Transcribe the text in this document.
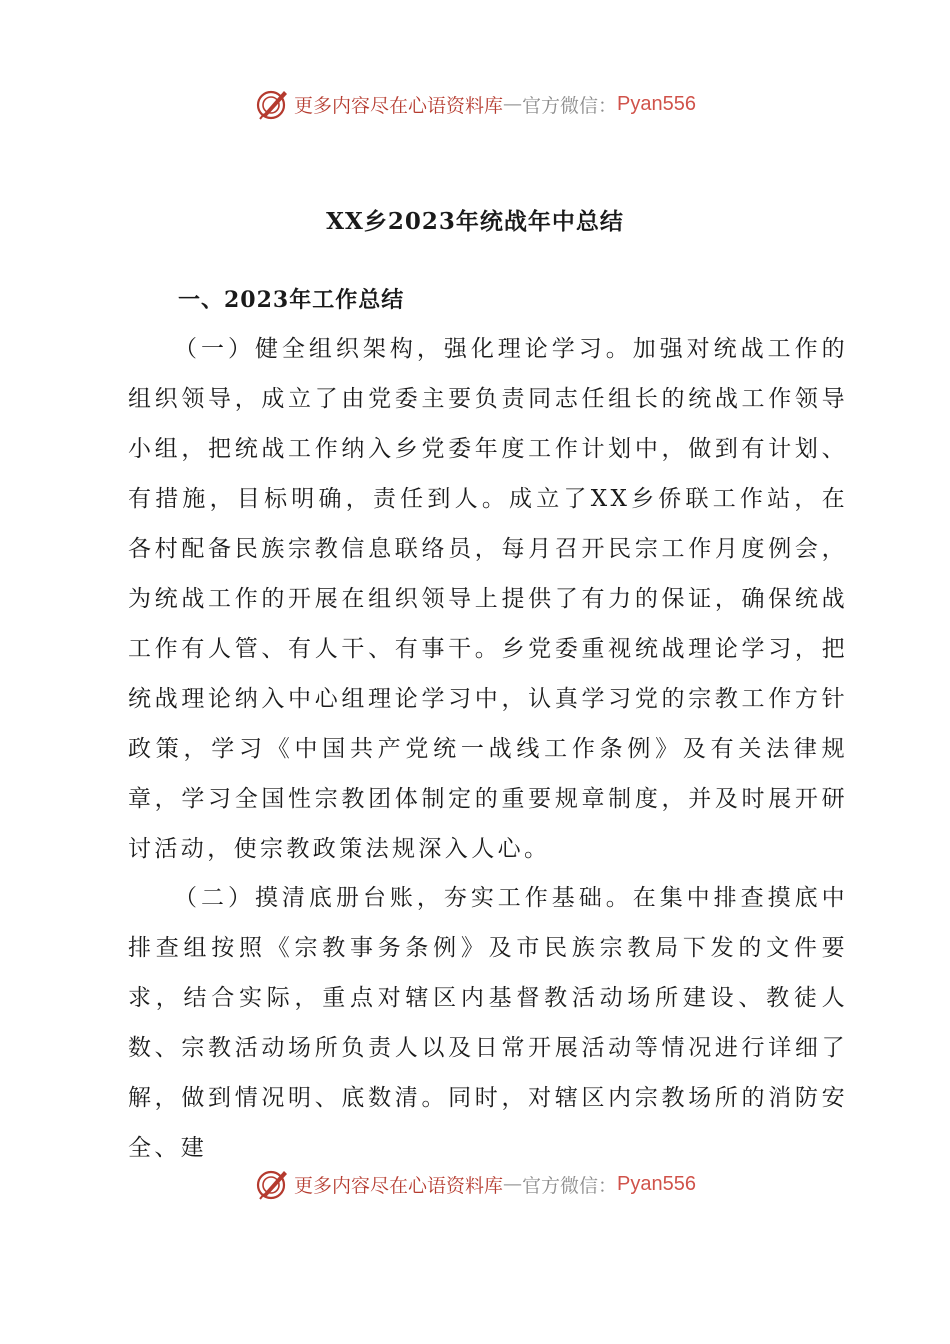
更多内容尽在心语资料库 — 官方微信： Pyan556
XX乡2023年统战年中总结
一、2023年工作总结

（一）健全组织架构，强化理论学习。加强对统战工作的组织领导，成立了由党委主要负责同志任组长的统战工作领导小组，把统战工作纳入乡党委年度工作计划中，做到有计划、有措施，目标明确，责任到人。成立了XX乡侨联工作站，在各村配备民族宗教信息联络员，每月召开民宗工作月度例会，为统战工作的开展在组织领导上提供了有力的保证，确保统战工作有人管、有人干、有事干。乡党委重视统战理论学习，把统战理论纳入中心组理论学习中，认真学习党的宗教工作方针政策，学习《中国共产党统一战线工作条例》及有关法律规章，学习全国性宗教团体制定的重要规章制度，并及时展开研讨活动，使宗教政策法规深入人心。

（二）摸清底册台账，夯实工作基础。在集中排查摸底中排查组按照《宗教事务条例》及市民族宗教局下发的文件要求，结合实际，重点对辖区内基督教活动场所建设、教徒人数、宗教活动场所负责人以及日常开展活动等情况进行详细了解，做到情况明、底数清。同时，对辖区内宗教场所的消防安全、建

更多内容尽在心语资料库 — 官方微信： Pyan556
